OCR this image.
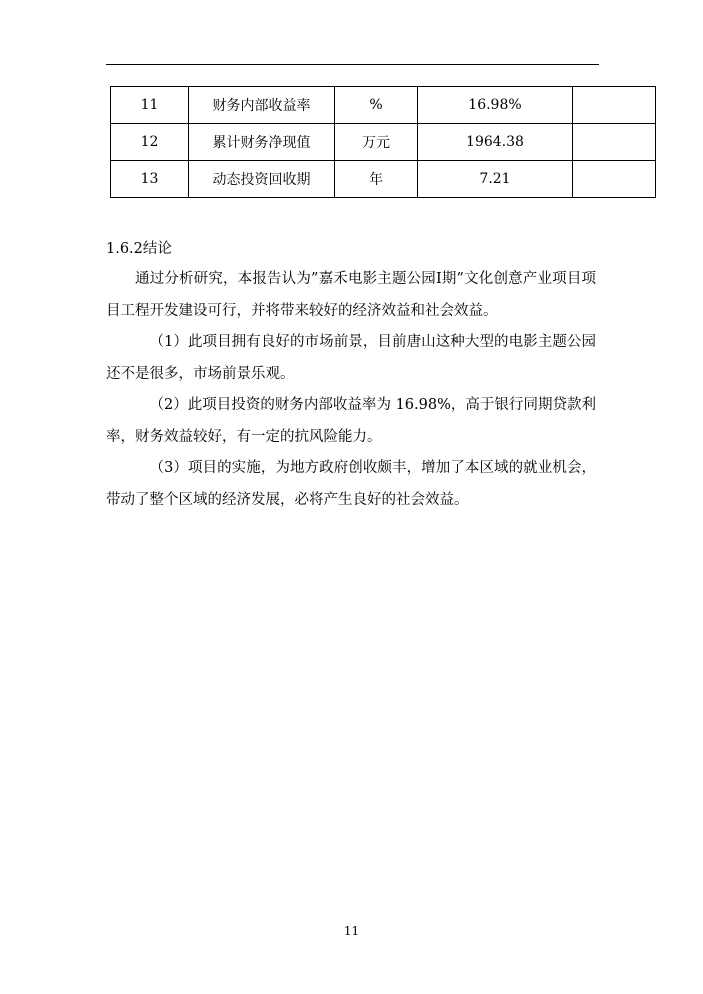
11	财务内部收益率	%	16.98%	
12	累计财务净现值	万元	1964.38	
13	动态投资回收期	年	7.21	

1.6.2结论

通过分析研究，本报告认为”嘉禾电影主题公园Ⅰ期”文化创意产业项目项目工程开发建设可行，并将带来较好的经济效益和社会效益。

（1）此项目拥有良好的市场前景，目前唐山这种大型的电影主题公园还不是很多，市场前景乐观。

（2）此项目投资的财务内部收益率为 16.98%，高于银行同期贷款利率，财务效益较好，有一定的抗风险能力。

（3）项目的实施，为地方政府创收颇丰，增加了本区域的就业机会，带动了整个区域的经济发展，必将产生良好的社会效益。

11
